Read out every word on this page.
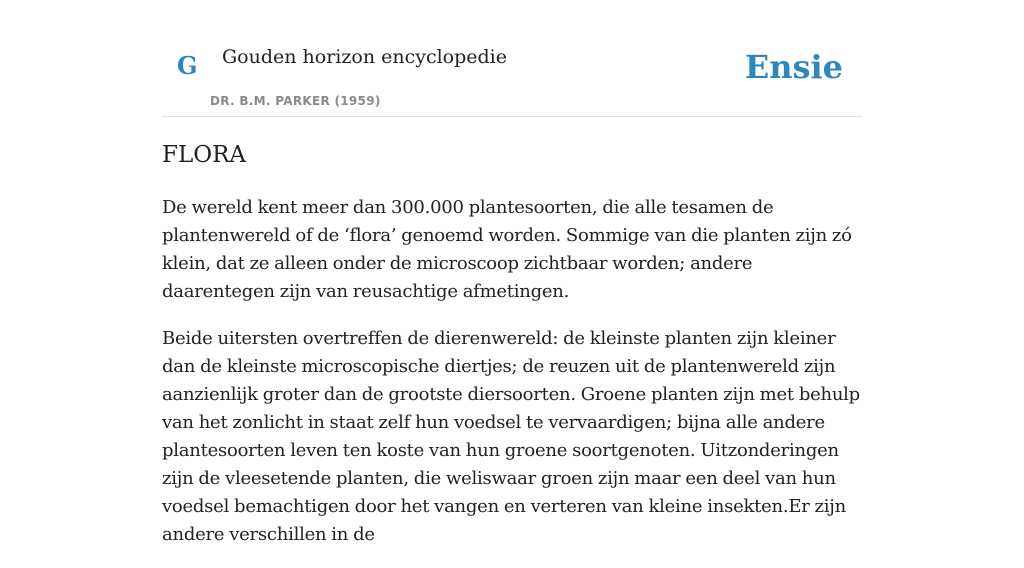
G Gouden horizon encyclopedie
DR. B.M. PARKER (1959)
Ensie
FLORA

De wereld kent meer dan 300.000 plantesoorten, die alle tesamen de plantenwereld of de ‘flora’ genoemd worden. Sommige van die planten zijn zó klein, dat ze alleen onder de microscoop zichtbaar worden; andere daarentegen zijn van reusachtige afmetingen.

Beide uitersten overtreffen de dierenwereld: de kleinste planten zijn kleiner dan de kleinste microscopische diertjes; de reuzen uit de plantenwereld zijn aanzienlijk groter dan de grootste diersoorten. Groene planten zijn met behulp van het zonlicht in staat zelf hun voedsel te vervaardigen; bijna alle andere plantesoorten leven ten koste van hun groene soortgenoten. Uitzonderingen zijn de vleesetende planten, die weliswaar groen zijn maar een deel van hun voedsel bemachtigen door het vangen en verteren van kleine insekten.Er zijn andere verschillen in de
